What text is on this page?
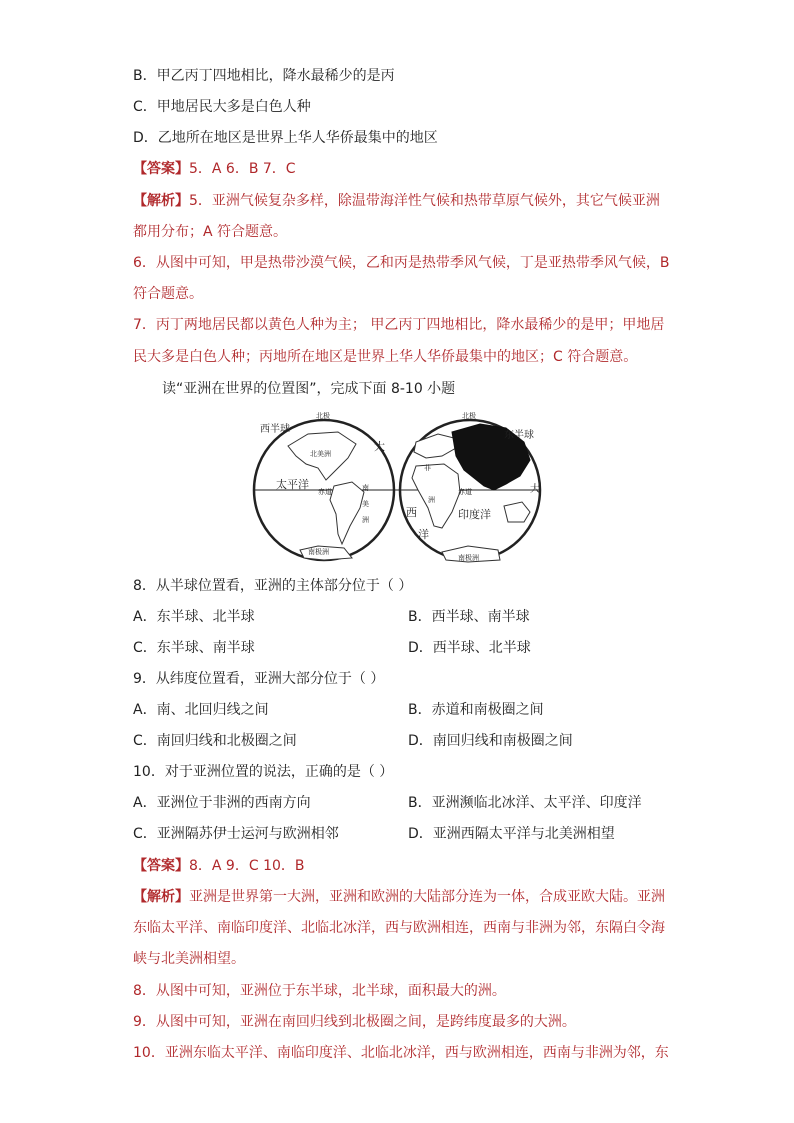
B．甲乙丙丁四地相比，降水最稀少的是丙
C．甲地居民大多是白色人种
D．乙地所在地区是世界上华人华侨最集中的地区
【答案】5．A 6．B 7．C
【解析】5．亚洲气候复杂多样，除温带海洋性气候和热带草原气候外，其它气候亚洲
都用分布；A 符合题意。
6．从图中可知，甲是热带沙漠气候，乙和丙是热带季风气候，丁是亚热带季风气候，B
符合题意。
7．丙丁两地居民都以黄色人种为主； 甲乙丙丁四地相比，降水最稀少的是甲；甲地居
民大多是白色人种；丙地所在地区是世界上华人华侨最集中的地区；C 符合题意。
读“亚洲在世界的位置图”，完成下面 8-10 小题
西半球
东半球
北极	北极
南极洲
南极洲
北美洲
太平洋
赤道	赤道
南
美
洲
大
西
洋
印度洋
非
洲
大
8．从半球位置看，亚洲的主体部分位于（ ）
A．东半球、北半球	B．西半球、南半球
C．东半球、南半球	D．西半球、北半球
9．从纬度位置看，亚洲大部分位于（ ）
A．南、北回归线之间	B．赤道和南极圈之间
C．南回归线和北极圈之间	D．南回归线和南极圈之间
10．对于亚洲位置的说法，正确的是（ ）
A．亚洲位于非洲的西南方向	B．亚洲濒临北冰洋、太平洋、印度洋
C．亚洲隔苏伊士运河与欧洲相邻	D．亚洲西隔太平洋与北美洲相望
【答案】8．A 9．C 10．B
【解析】亚洲是世界第一大洲，亚洲和欧洲的大陆部分连为一体，合成亚欧大陆。亚洲
东临太平洋、南临印度洋、北临北冰洋，西与欧洲相连，西南与非洲为邻，东隔白令海
峡与北美洲相望。
8．从图中可知，亚洲位于东半球，北半球，面积最大的洲。
9．从图中可知，亚洲在南回归线到北极圈之间，是跨纬度最多的大洲。
10．亚洲东临太平洋、南临印度洋、北临北冰洋，西与欧洲相连，西南与非洲为邻，东
